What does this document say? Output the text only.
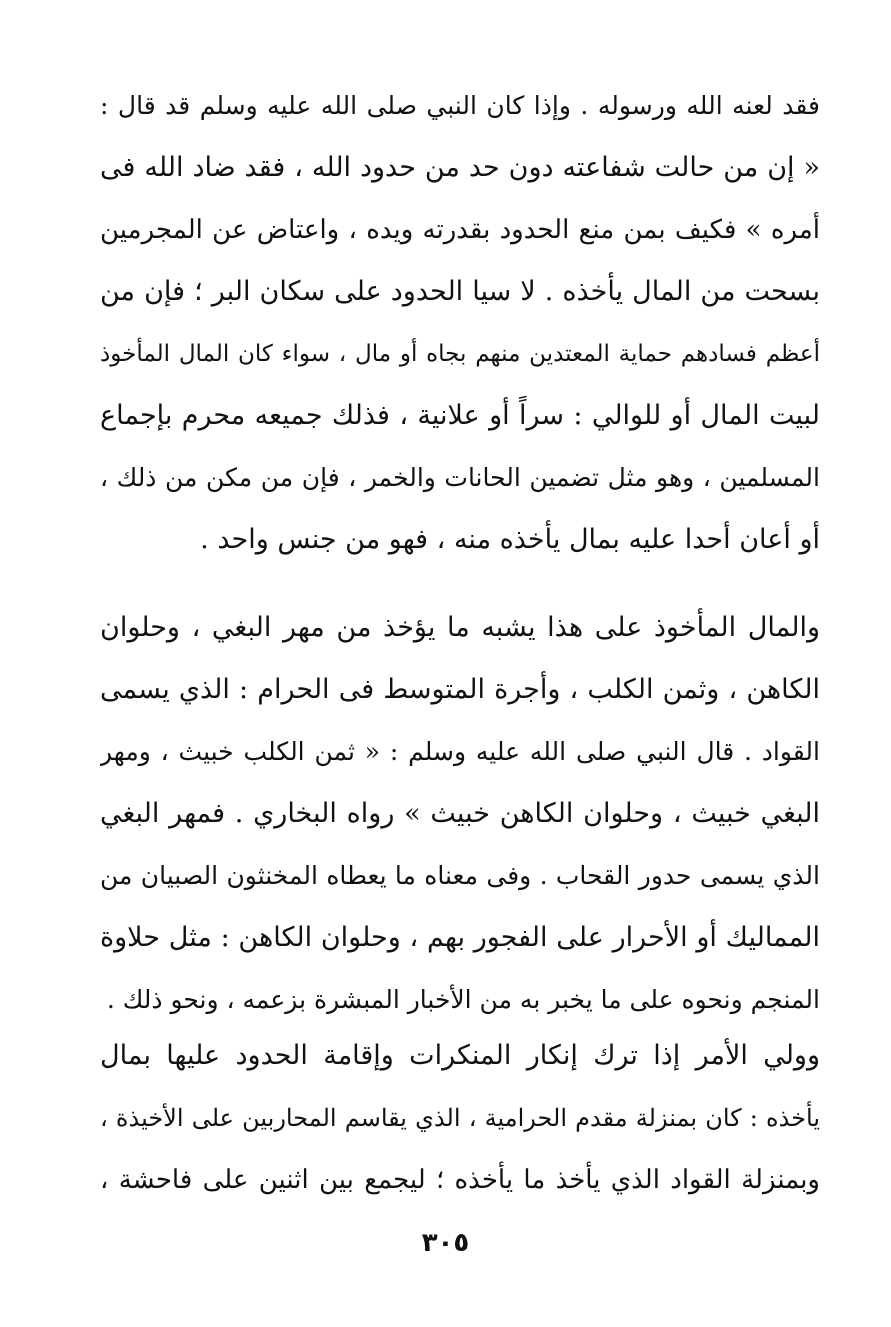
فقد لعنه الله ورسوله . وإذا كان النبي صلى الله عليه وسلم قد قال :
« إن من حالت شفاعته دون حد من حدود الله ، فقد ضاد الله فى
أمره » فكيف بمن منع الحدود بقدرته ويده ، واعتاض عن المجرمين
بسحت من المال يأخذه . لا سيا الحدود على سكان البر ؛ فإن من
أعظم فسادهم حماية المعتدين منهم بجاه أو مال ، سواء كان المال المأخوذ
لبيت المال أو للوالي : سراً أو علانية ، فذلك جميعه محرم بإجماع
المسلمين ، وهو مثل تضمين الحانات والخمر ، فإن من مكن من ذلك ،
أو أعان أحدا عليه بمال يأخذه منه ، فهو من جنس واحد .
والمال المأخوذ على هذا يشبه ما يؤخذ من مهر البغي ، وحلوان
الكاهن ، وثمن الكلب ، وأجرة المتوسط فى الحرام : الذي يسمى
القواد . قال النبي صلى الله عليه وسلم : « ثمن الكلب خبيث ، ومهر
البغي خبيث ، وحلوان الكاهن خبيث » رواه البخاري . فمهر البغي
الذي يسمى حدور القحاب . وفى معناه ما يعطاه المخنثون الصبيان من
المماليك أو الأحرار على الفجور بهم ، وحلوان الكاهن : مثل حلاوة
المنجم ونحوه على ما يخبر به من الأخبار المبشرة بزعمه ، ونحو ذلك .
وولي الأمر إذا ترك إنكار المنكرات وإقامة الحدود عليها بمال
يأخذه : كان بمنزلة مقدم الحرامية ، الذي يقاسم المحاربين على الأخيذة ،
وبمنزلة القواد الذي يأخذ ما يأخذه ؛ ليجمع بين اثنين على فاحشة ،
٣٠٥
